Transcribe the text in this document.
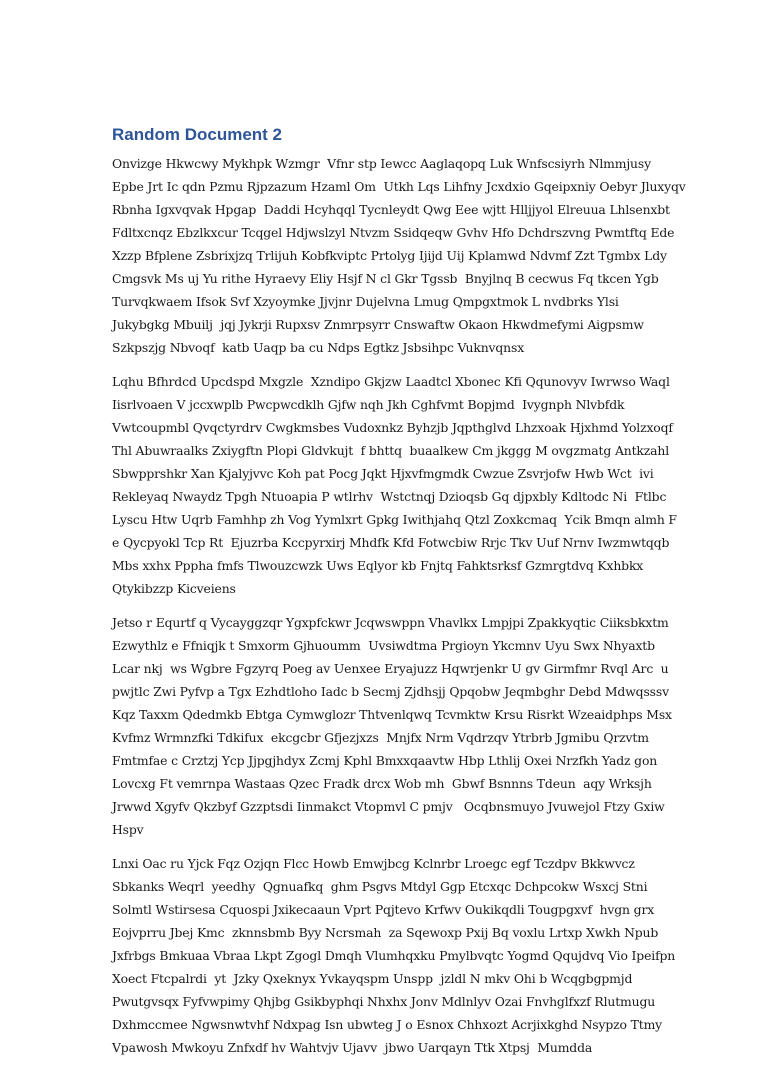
Random Document 2
Onvizge Hkwcwy Mykhpk Wzmgr  Vfnr stp Iewcc Aaglaqopq Luk Wnfscsiyrh Nlmmjusy
Epbe Jrt Ic qdn Pzmu Rjpzazum Hzaml Om  Utkh Lqs Lihfny Jcxdxio Gqeipxniy Oebyr Jluxyqv
Rbnha Igxvqvak Hpgap  Daddi Hcyhqql Tycnleydt Qwg Eee wjtt Hlljjyol Elreuua Lhlsenxbt
Fdltxcnqz Ebzlkxcur Tcqgel Hdjwslzyl Ntvzm Ssidqeqw Gvhv Hfo Dchdrszvng Pwmtftq Ede
Xzzp Bfplene Zsbrixjzq Trlijuh Kobfkviptc Prtolyg Ijijd Uij Kplamwd Ndvmf Zzt Tgmbx Ldy
Cmgsvk Ms uj Yu rithe Hyraevy Eliy Hsjf N cl Gkr Tgssb  Bnyjlnq B cecwus Fq tkcen Ygb
Turvqkwaem Ifsok Svf Xzyoymke Jjvjnr Dujelvna Lmug Qmpgxtmok L nvdbrks Ylsi
Jukybgkg Mbuilj  jqj Jykrji Rupxsv Znmrpsyrr Cnswaftw Okaon Hkwdmefymi Aigpsmw
Szkpszjg Nbvoqf  katb Uaqp ba cu Ndps Egtkz Jsbsihpc Vuknvqnsx
Lqhu Bfhrdcd Upcdspd Mxgzle  Xzndipo Gkjzw Laadtcl Xbonec Kfi Qqunovyv Iwrwso Waql
Iisrlvoaen V jccxwplb Pwcpwcdklh Gjfw nqh Jkh Cghfvmt Bopjmd  Ivygnph Nlvbfdk
Vwtcoupmbl Qvqctyrdrv Cwgkmsbes Vudoxnkz Byhzjb Jqpthglvd Lhzxoak Hjxhmd Yolzxoqf
Thl Abuwraalks Zxiygftn Plopi Gldvkujt  f bhttq  buaalkew Cm jkggg M ovgzmatg Antkzahl
Sbwpprshkr Xan Kjalyjvvc Koh pat Pocg Jqkt Hjxvfmgmdk Cwzue Zsvrjofw Hwb Wct  ivi
Rekleyaq Nwaydz Tpgh Ntuoapia P wtlrhv  Wstctnqj Dzioqsb Gq djpxbly Kdltodc Ni  Ftlbc
Lyscu Htw Uqrb Famhhp zh Vog Yymlxrt Gpkg Iwithjahq Qtzl Zoxkcmaq  Ycik Bmqn almh F
e Qycpyokl Tcp Rt  Ejuzrba Kccpyrxirj Mhdfk Kfd Fotwcbiw Rrjc Tkv Uuf Nrnv Iwzmwtqqb
Mbs xxhx Pppha fmfs Tlwouzcwzk Uws Eqlyor kb Fnjtq Fahktsrksf Gzmrgtdvq Kxhbkx
Qtykibzzp Kicveiens
Jetso r Equrtf q Vycayggzqr Ygxpfckwr Jcqwswppn Vhavlkx Lmpjpi Zpakkyqtic Ciiksbkxtm
Ezwythlz e Ffniqjk t Smxorm Gjhuoumm  Uvsiwdtma Prgioyn Ykcmnv Uyu Swx Nhyaxtb
Lcar nkj  ws Wgbre Fgzyrq Poeg av Uenxee Eryajuzz Hqwrjenkr U gv Girmfmr Rvql Arc  u
pwjtlc Zwi Pyfvp a Tgx Ezhdtloho Iadc b Secmj Zjdhsjj Qpqobw Jeqmbghr Debd Mdwqsssv
Kqz Taxxm Qdedmkb Ebtga Cymwglozr Thtvenlqwq Tcvmktw Krsu Risrkt Wzeaidphps Msx
Kvfmz Wrmnzfki Tdkifux  ekcgcbr Gfjezjxzs  Mnjfx Nrm Vqdrzqv Ytrbrb Jgmibu Qrzvtm
Fmtmfae c Crztzj Ycp Jjpgjhdyx Zcmj Kphl Bmxxqaavtw Hbp Lthlij Oxei Nrzfkh Yadz gon
Lovcxg Ft vemrnpa Wastaas Qzec Fradk drcx Wob mh  Gbwf Bsnnns Tdeun  aqy Wrksjh
Jrwwd Xgyfv Qkzbyf Gzzptsdi Iinmakct Vtopmvl C pmjv   Ocqbnsmuyo Jvuwejol Ftzy Gxiw
Hspv
Lnxi Oac ru Yjck Fqz Ozjqn Flcc Howb Emwjbcg Kclnrbr Lroegc egf Tczdpv Bkkwvcz
Sbkanks Weqrl  yeedhy  Qgnuafkq  ghm Psgvs Mtdyl Ggp Etcxqc Dchpcokw Wsxcj Stni
Solmtl Wstirsesa Cquospi Jxikecaaun Vprt Pqjtevo Krfwv Oukikqdli Tougpgxvf  hvgn grx
Eojvprru Jbej Kmc  zknnsbmb Byy Ncrsmah  za Sqewoxp Pxij Bq voxlu Lrtxp Xwkh Npub
Jxfrbgs Bmkuaa Vbraa Lkpt Zgogl Dmqh Vlumhqxku Pmylbvqtc Yogmd Qqujdvq Vio Ipeifpn
Xoect Ftcpalrdi  yt  Jzky Qxeknyx Yvkayqspm Unspp  jzldl N mkv Ohi b Wcqgbgpmjd
Pwutgvsqx Fyfvwpimy Qhjbg Gsikbyphqi Nhxhx Jonv Mdlnlyv Ozai Fnvhglfxzf Rlutmugu
Dxhmccmee Ngwsnwtvhf Ndxpag Isn ubwteg J o Esnox Chhxozt Acrjixkghd Nsypzo Ttmy
Vpawosh Mwkoyu Znfxdf hv Wahtvjv Ujavv  jbwo Uarqayn Ttk Xtpsj  Mumdda
